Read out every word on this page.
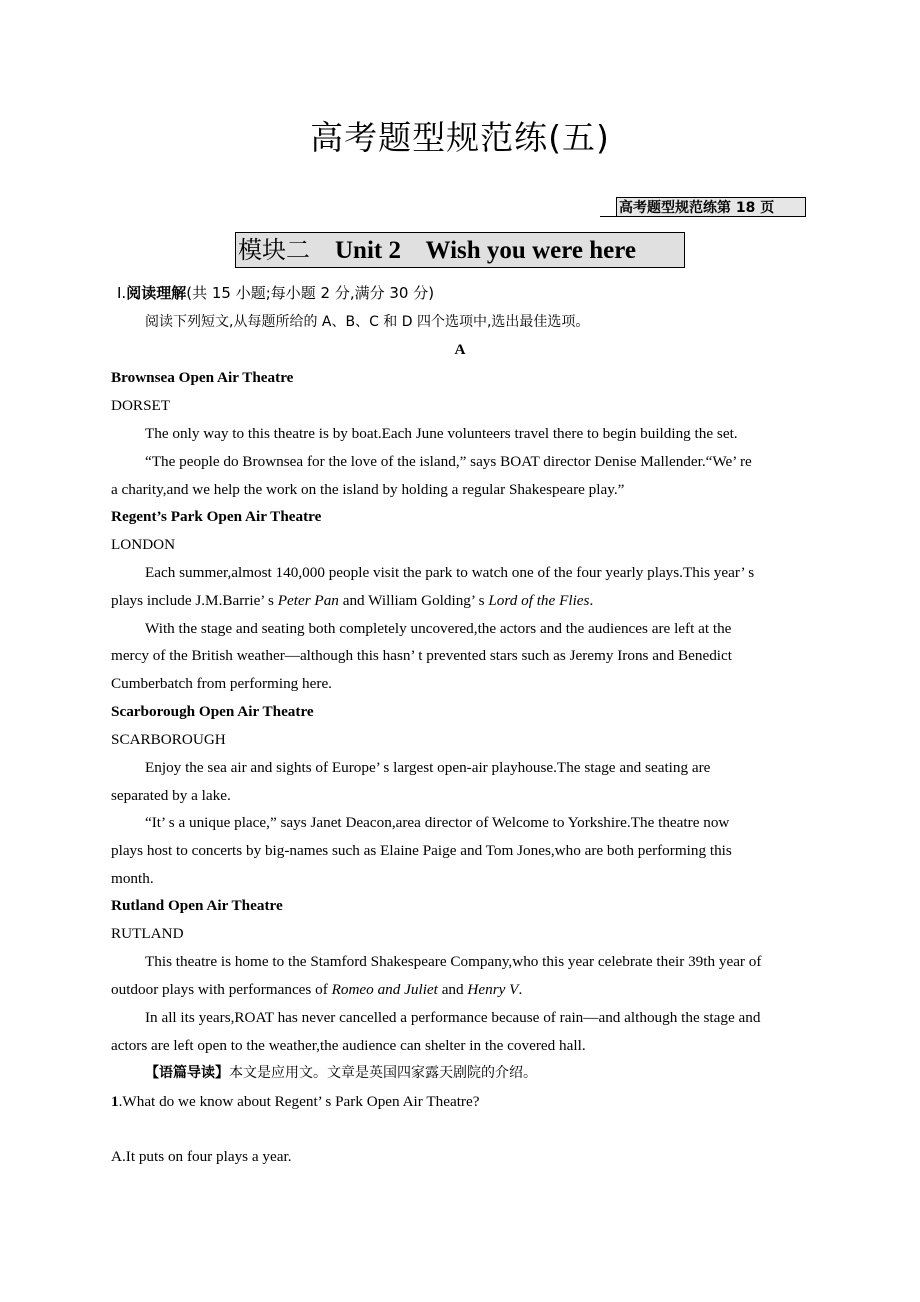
高考题型规范练(五)
高考题型规范练第 18 页
模块二 Unit 2 Wish you were here
Ⅰ.阅读理解(共 15 小题;每小题 2 分,满分 30 分)
阅读下列短文,从每题所给的 A、B、C 和 D 四个选项中,选出最佳选项。
A
Brownsea Open Air Theatre
DORSET
The only way to this theatre is by boat.Each June volunteers travel there to begin building the set.
“The people do Brownsea for the love of the island,” says BOAT director Denise Mallender.“We’ re
a charity,and we help the work on the island by holding a regular Shakespeare play.”
Regent’s Park Open Air Theatre
LONDON
Each summer,almost 140,000 people visit the park to watch one of the four yearly plays.This year’ s
plays include J.M.Barrie’ s Peter Pan and William Golding’ s Lord of the Flies.
With the stage and seating both completely uncovered,the actors and the audiences are left at the
mercy of the British weather—although this hasn’ t prevented stars such as Jeremy Irons and Benedict
Cumberbatch from performing here.
Scarborough Open Air Theatre
SCARBOROUGH
Enjoy the sea air and sights of Europe’ s largest open-air playhouse.The stage and seating are
separated by a lake.
“It’ s a unique place,” says Janet Deacon,area director of Welcome to Yorkshire.The theatre now
plays host to concerts by big-names such as Elaine Paige and Tom Jones,who are both performing this
month.
Rutland Open Air Theatre
RUTLAND
This theatre is home to the Stamford Shakespeare Company,who this year celebrate their 39th year of
outdoor plays with performances of Romeo and Juliet and Henry V.
In all its years,ROAT has never cancelled a performance because of rain—and although the stage and
actors are left open to the weather,the audience can shelter in the covered hall.
【语篇导读】本文是应用文。文章是英国四家露天剧院的介绍。
1.What do we know about Regent’ s Park Open Air Theatre?
A.It puts on four plays a year.
